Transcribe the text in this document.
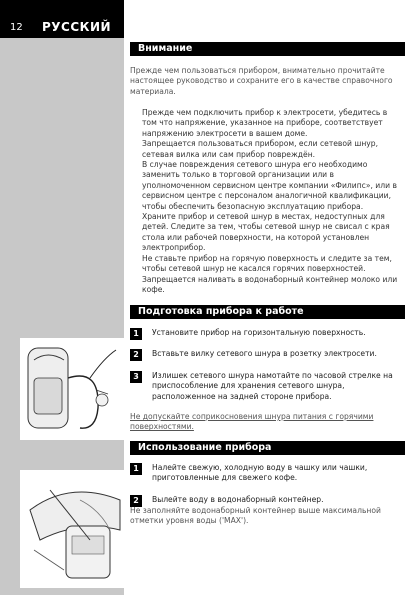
12 РУССКИЙ
Внимание
Прежде чем пользоваться прибором, внимательно прочитайте настоящее руководство и сохраните его в качестве справочного материала.
Прежде чем подключить прибор к электросети, убедитесь в том что напряжение, указанное на приборе, соответствует напряжению электросети в вашем доме.
Запрещается пользоваться прибором, если сетевой шнур, сетевая вилка или сам прибор повреждён.
В случае повреждения сетевого шнура его необходимо заменить только в торговой организации или в уполномоченном сервисном центре компании «Филипс», или в сервисном центре с персоналом аналогичной квалификации, чтобы обеспечить безопасную эксплуатацию прибора.
Храните прибор и сетевой шнур в местах, недоступных для детей. Следите за тем, чтобы сетевой шнур не свисал с края стола или рабочей поверхности, на которой установлен электроприбор.
Не ставьте прибор на горячую поверхность и следите за тем, чтобы сетевой шнур не касался горячих поверхностей.
Запрещается наливать в водонаборный контейнер молоко или кофе.
Подготовка прибора к работе
1	Установите прибор на горизонтальную поверхность.
2	Вставьте вилку сетевого шнура в розетку электросети.
3	Излишек сетевого шнура намотайте по часовой стрелке на приспособление для хранения сетевого шнура, расположенное на задней стороне прибора.
Не допускайте соприкосновения шнура питания с горячими поверхностями.
Использование прибора
1	Налейте свежую, холодную воду в чашку или чашки, приготовленные для свежего кофе.
2	Вылейте воду в водонаборный контейнер.
Не заполняйте водонаборный контейнер выше максимальной отметки уровня воды ('MAX').
